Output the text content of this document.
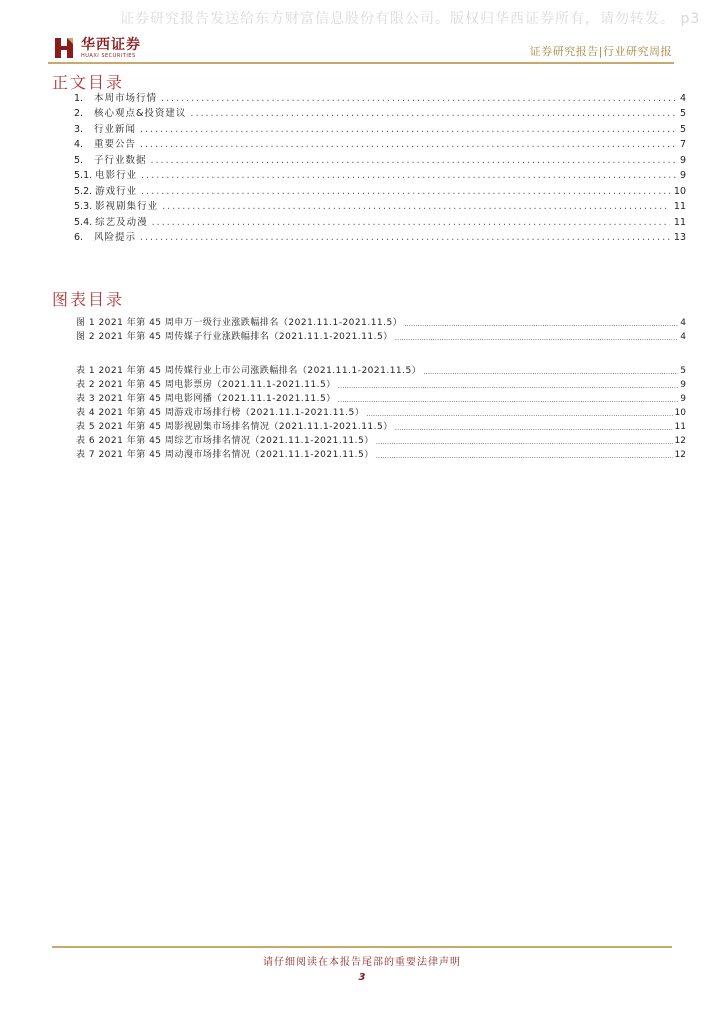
证券研究报告发送给东方财富信息股份有限公司。版权归华西证券所有，请勿转发。 p3
华西证券
HUAXI SECURITIES	证券研究报告|行业研究周报
正文目录
1.	本周市场行情 .....	4
2.	核心观点&投资建议 .....	5
3.	行业新闻 .....	5
4.	重要公告 .....	7
5.	子行业数据 .....	9
5.1. 电影行业 .....	9
5.2. 游戏行业 .....	10
5.3. 影视剧集行业 .....	11
5.4. 综艺及动漫 .....	11
6.	风险提示 .....	13
图表目录
图 1 2021 年第 45 周申万一级行业涨跌幅排名（2021.11.1-2021.11.5） .....	4
图 2 2021 年第 45 周传媒子行业涨跌幅排名（2021.11.1-2021.11.5） .....	4
表 1 2021 年第 45 周传媒行业上市公司涨跌幅排名（2021.11.1-2021.11.5） .....	5
表 2 2021 年第 45 周电影票房（2021.11.1-2021.11.5） .....	9
表 3 2021 年第 45 周电影网播（2021.11.1-2021.11.5） .....	9
表 4 2021 年第 45 周游戏市场排行榜（2021.11.1-2021.11.5） .....	10
表 5 2021 年第 45 周影视剧集市场排名情况（2021.11.1-2021.11.5） .....	11
表 6 2021 年第 45 周综艺市场排名情况（2021.11.1-2021.11.5） .....	12
表 7 2021 年第 45 周动漫市场排名情况（2021.11.1-2021.11.5） .....	12
请仔细阅读在本报告尾部的重要法律声明
3
